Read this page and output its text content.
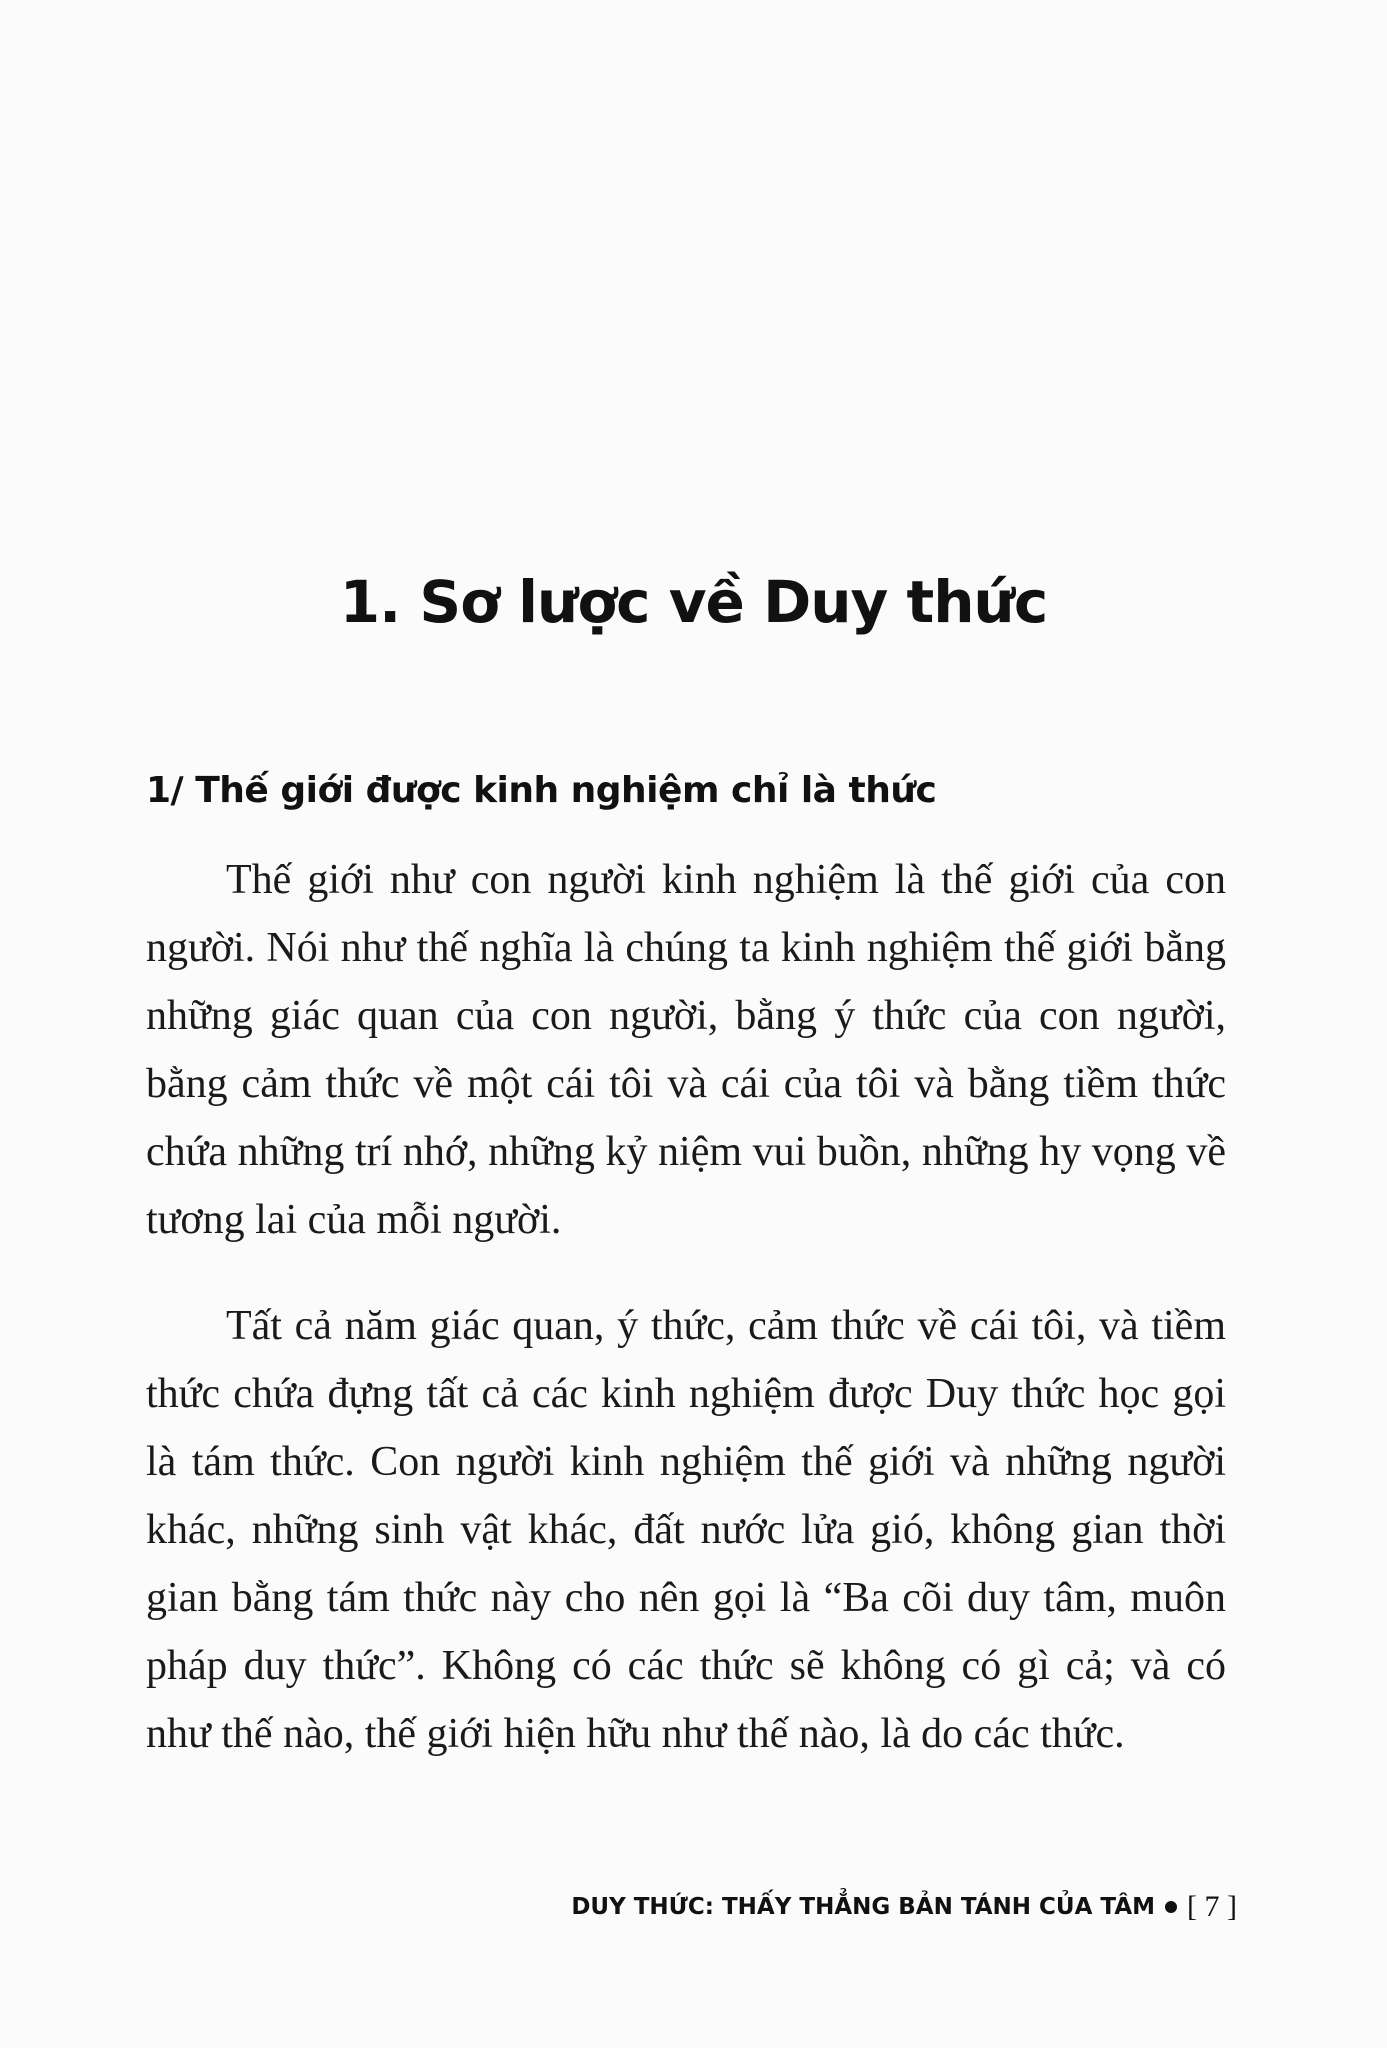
1. Sơ lược về Duy thức
1/ Thế giới được kinh nghiệm chỉ là thức

Thế giới như con người kinh nghiệm là thế giới của con người. Nói như thế nghĩa là chúng ta kinh nghiệm thế giới bằng những giác quan của con người, bằng ý thức của con người, bằng cảm thức về một cái tôi và cái của tôi và bằng tiềm thức chứa những trí nhớ, những kỷ niệm vui buồn, những hy vọng về tương lai của mỗi người.

Tất cả năm giác quan, ý thức, cảm thức về cái tôi, và tiềm thức chứa đựng tất cả các kinh nghiệm được Duy thức học gọi là tám thức. Con người kinh nghiệm thế giới và những người khác, những sinh vật khác, đất nước lửa gió, không gian thời gian bằng tám thức này cho nên gọi là “Ba cõi duy tâm, muôn pháp duy thức”. Không có các thức sẽ không có gì cả; và có như thế nào, thế giới hiện hữu như thế nào, là do các thức.

DUY THỨC: THẤY THẲNG BẢN TÁNH CỦA TÂM [ 7 ]
